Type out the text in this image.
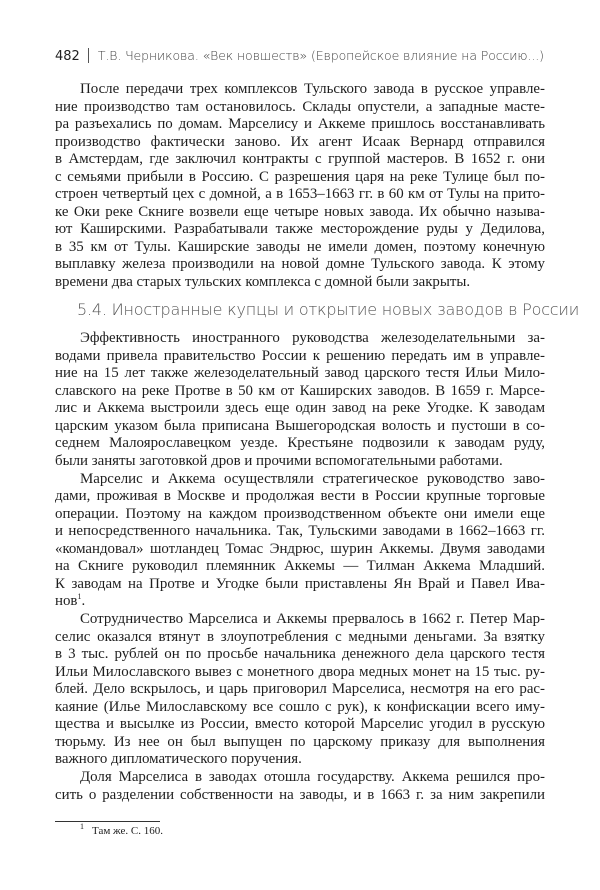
482 Т.В. Черникова. «Век новшеств» (Европейское влияние на Россию...)
5.4. Иностранные купцы и открытие новых заводов в России
После передачи трех комплексов Тульского завода в русское управле-
ние производство там остановилось. Склады опустели, а западные масте-
ра разъехались по домам. Марселису и Аккеме пришлось восстанавливать
производство фактически заново. Их агент Исаак Вернард отправился
в Амстердам, где заключил контракты с группой мастеров. В 1652 г. они
с семьями прибыли в Россию. С разрешения царя на реке Тулице был по-
строен четвертый цех с домной, а в 1653–1663 гг. в 60 км от Тулы на прито-
ке Оки реке Скниге возвели еще четыре новых завода. Их обычно называ-
ют Каширскими. Разрабатывали также месторождение руды у Дедилова,
в 35 км от Тулы. Каширские заводы не имели домен, поэтому конечную
выплавку железа производили на новой домне Тульского завода. К этому
времени два старых тульских комплекса с домной были закрыты.
Эффективность иностранного руководства железоделательными за-
водами привела правительство России к решению передать им в управле-
ние на 15 лет также железоделательный завод царского тестя Ильи Мило-
славского на реке Протве в 50 км от Каширских заводов. В 1659 г. Марсе-
лис и Аккема выстроили здесь еще один завод на реке Угодке. К заводам
царским указом была приписана Вышегородская волость и пустоши в со-
седнем Малоярославецком уезде. Крестьяне подвозили к заводам руду,
были заняты заготовкой дров и прочими вспомогательными работами.
Марселис и Аккема осуществляли стратегическое руководство заво-
дами, проживая в Москве и продолжая вести в России крупные торговые
операции. Поэтому на каждом производственном объекте они имели еще
и непосредственного начальника. Так, Тульскими заводами в 1662–1663 гг.
«командовал» шотландец Томас Эндрюс, шурин Аккемы. Двумя заводами
на Скниге руководил племянник Аккемы — Тилман Аккема Младший.
К заводам на Протве и Угодке были приставлены Ян Врай и Павел Ива-
нов$^1$.
Сотрудничество Марселиса и Аккемы прервалось в 1662 г. Петер Мар-
селис оказался втянут в злоупотребления с медными деньгами. За взятку
в 3 тыс. рублей он по просьбе начальника денежного дела царского тестя
Ильи Милославского вывез с монетного двора медных монет на 15 тыс. ру-
блей. Дело вскрылось, и царь приговорил Марселиса, несмотря на его рас-
каяние (Илье Милославскому все сошло с рук), к конфискации всего иму-
щества и высылке из России, вместо которой Марселис угодил в русскую
тюрьму. Из нее он был выпущен по царскому приказу для выполнения
важного дипломатического поручения.
Доля Марселиса в заводах отошла государству. Аккема решился про-
сить о разделении собственности на заводы, и в 1663 г. за ним закрепили
$^1$ Там же. С. 160.
